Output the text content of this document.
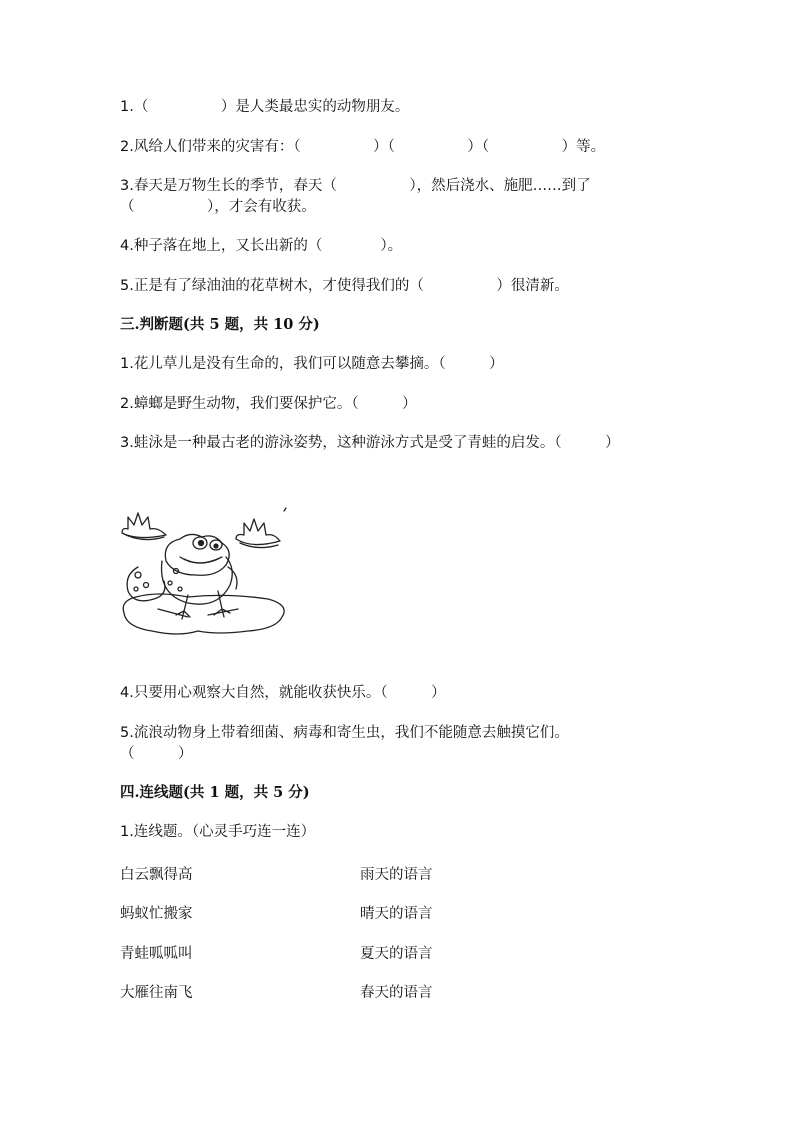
1.（　　　　　）是人类最忠实的动物朋友。
2.风给人们带来的灾害有：（　　　　　）（　　　　　）（　　　　　）等。
3.春天是万物生长的季节，春天（　　　　　），然后浇水、施肥……到了
（　　　　　），才会有收获。
4.种子落在地上，又长出新的（　　　　）。
5.正是有了绿油油的花草树木，才使得我们的（　　　　　）很清新。
三.判断题(共 5 题，共 10 分)
1.花儿草儿是没有生命的，我们可以随意去攀摘。（　　　）
2.蟑螂是野生动物，我们要保护它。（　　　）
3.蛙泳是一种最古老的游泳姿势，这种游泳方式是受了青蛙的启发。（　　　）
4.只要用心观察大自然，就能收获快乐。（　　　）
5.流浪动物身上带着细菌、病毒和寄生虫，我们不能随意去触摸它们。
（　　　）
四.连线题(共 1 题，共 5 分)
1.连线题。（心灵手巧连一连）
白云飘得高	雨天的语言
蚂蚁忙搬家	晴天的语言
青蛙呱呱叫	夏天的语言
大雁往南飞	春天的语言
